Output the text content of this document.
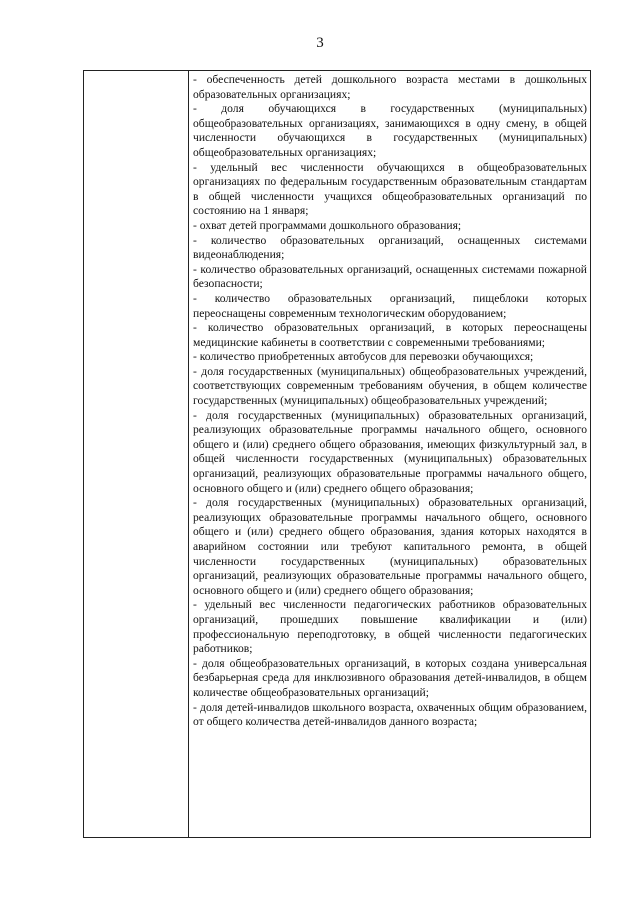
3

- обеспеченность детей дошкольного возраста местами в дошкольных образовательных организациях;

- доля обучающихся в государственных (муниципальных) общеобразовательных организациях, занимающихся в одну смену, в общей численности обучающихся в государственных (муниципальных) общеобразовательных организациях;

- удельный вес численности обучающихся в общеобразовательных организациях по федеральным государственным образовательным стандартам в общей численности учащихся общеобразовательных организаций по состоянию на 1 января;

- охват детей программами дошкольного образования;

- количество образовательных организаций, оснащенных системами видеонаблюдения;

- количество образовательных организаций, оснащенных системами пожарной безопасности;

- количество образовательных организаций, пищеблоки которых переоснащены современным технологическим оборудованием;

- количество образовательных организаций, в которых переоснащены медицинские кабинеты в соответствии с современными требованиями;

- количество приобретенных автобусов для перевозки обучающихся;

- доля государственных (муниципальных) общеобразовательных учреждений, соответствующих современным требованиям обучения, в общем количестве государственных (муниципальных) общеобразовательных учреждений;

- доля государственных (муниципальных) образовательных организаций, реализующих образовательные программы начального общего, основного общего и (или) среднего общего образования, имеющих физкультурный зал, в общей численности государственных (муниципальных) образовательных организаций, реализующих образовательные программы начального общего, основного общего и (или) среднего общего образования;

- доля государственных (муниципальных) образовательных организаций, реализующих образовательные программы начального общего, основного общего и (или) среднего общего образования, здания которых находятся в аварийном состоянии или требуют капитального ремонта, в общей численности государственных (муниципальных) образовательных организаций, реализующих образовательные программы начального общего, основного общего и (или) среднего общего образования;

- удельный вес численности педагогических работников образовательных организаций, прошедших повышение квалификации и (или) профессиональную переподготовку, в общей численности педагогических работников;

- доля общеобразовательных организаций, в которых создана универсальная безбарьерная среда для инклюзивного образования детей-инвалидов, в общем количестве общеобразовательных организаций;

- доля детей-инвалидов школьного возраста, охваченных общим образованием, от общего количества детей-инвалидов данного возраста;
